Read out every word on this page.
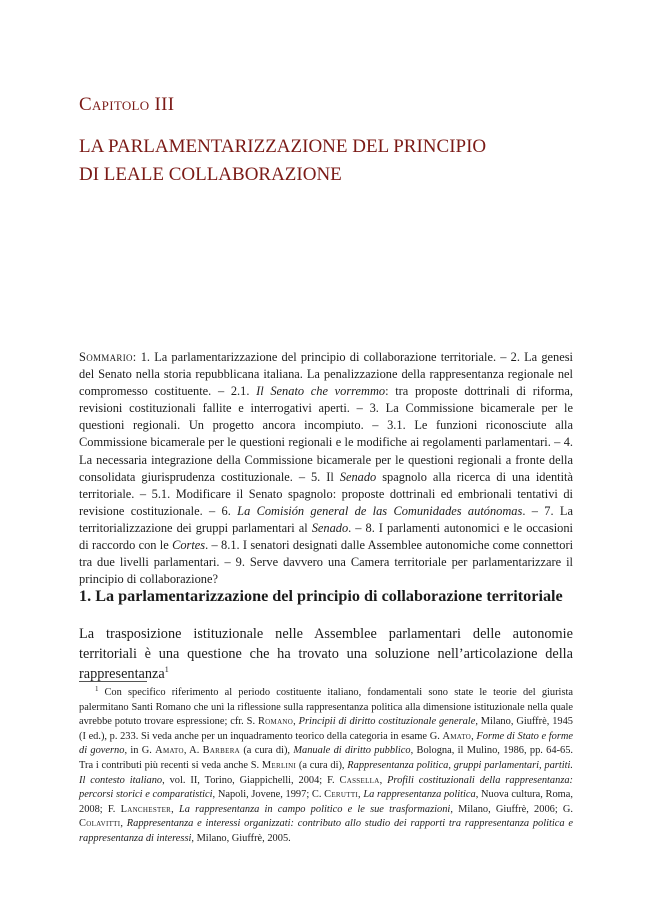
Capitolo III
LA PARLAMENTARIZZAZIONE DEL PRINCIPIO
DI LEALE COLLABORAZIONE
Sommario: 1. La parlamentarizzazione del principio di collaborazione territoriale. – 2. La genesi del Senato nella storia repubblicana italiana. La penalizzazione della rappresentanza regionale nel compromesso costituente. – 2.1. Il Senato che vorremmo: tra proposte dottrinali di riforma, revisioni costituzionali fallite e interrogativi aperti. – 3. La Commissione bicamerale per le questioni regionali. Un progetto ancora incompiuto. – 3.1. Le funzioni riconosciute alla Commissione bicamerale per le questioni regionali e le modifiche ai regolamenti parlamentari. – 4. La necessaria integrazione della Commissione bicamerale per le questioni regionali a fronte della consolidata giurisprudenza costituzionale. – 5. Il Senado spagnolo alla ricerca di una identità territoriale. – 5.1. Modificare il Senato spagnolo: proposte dottrinali ed embrionali tentativi di revisione costituzionale. – 6. La Comisión general de las Comunidades autónomas. – 7. La territorializzazione dei gruppi parlamentari al Senado. – 8. I parlamenti autonomici e le occasioni di raccordo con le Cortes. – 8.1. I senatori designati dalle Assemblee autonomiche come connettori tra due livelli parlamentari. – 9. Serve davvero una Camera territoriale per parlamentarizzare il principio di collaborazione?
1. La parlamentarizzazione del principio di collaborazione territoriale
La trasposizione istituzionale nelle Assemblee parlamentari delle autonomie territoriali è una questione che ha trovato una soluzione nell’articolazione della rappresentanza$^1$
$^1$ Con specifico riferimento al periodo costituente italiano, fondamentali sono state le teorie del giurista palermitano Santi Romano che unì la riflessione sulla rappresentanza politica alla dimensione istituzionale nella quale avrebbe potuto trovare espressione; cfr. S. Romano, Principii di diritto costituzionale generale, Milano, Giuffrè, 1945 (I ed.), p. 233. Si veda anche per un inquadramento teorico della categoria in esame G. Amato, Forme di Stato e forme di governo, in G. Amato, A. Barbera (a cura di), Manuale di diritto pubblico, Bologna, il Mulino, 1986, pp. 64-65. Tra i contributi più recenti si veda anche S. Merlini (a cura di), Rappresentanza politica, gruppi parlamentari, partiti. Il contesto italiano, vol. II, Torino, Giappichelli, 2004; F. Cassella, Profili costituzionali della rappresentanza: percorsi storici e comparatistici, Napoli, Jovene, 1997; C. Cerutti, La rappresentanza politica, Nuova cultura, Roma, 2008; F. Lanchester, La rappresentanza in campo politico e le sue trasformazioni, Milano, Giuffrè, 2006; G. Colavitti, Rappresentanza e interessi organizzati: contributo allo studio dei rapporti tra rappresentanza politica e rappresentanza di interessi, Milano, Giuffrè, 2005.
